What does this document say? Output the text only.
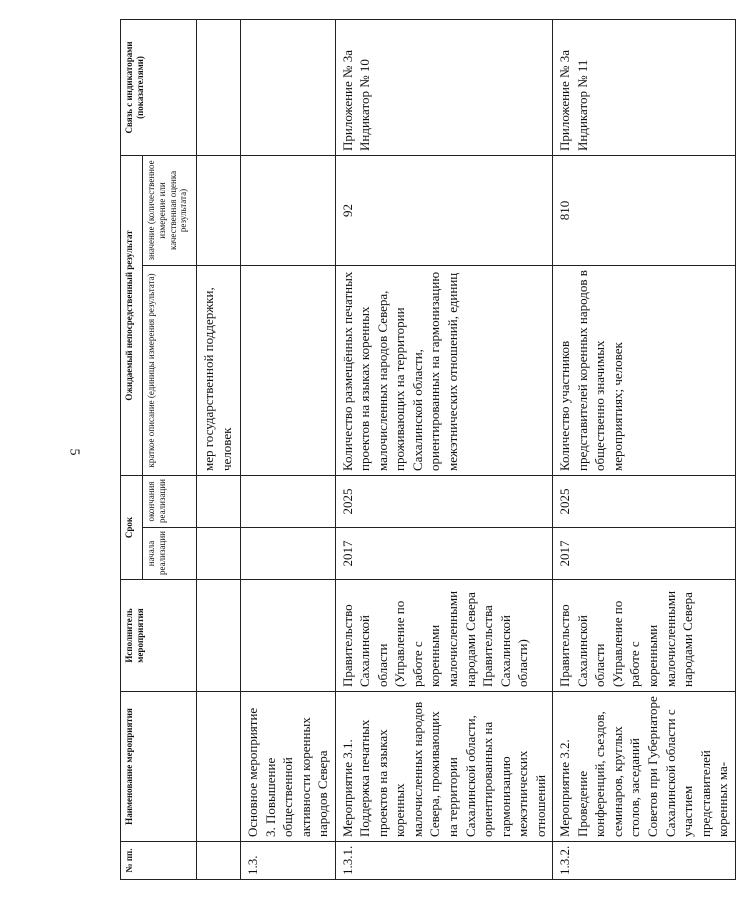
5
№ пп.	Наименование мероприятия	Исполнитель мероприятия	Срок		Ожидаемый непосредственный результат		Связь с индикаторами (показателями)
			начала реализации	окончания реализации	краткое описание (единицы измерения результата)	значение (количественное измерение или качественная оценка результата)	
					мер государственной поддержки, человек		
1.3.	Основное мероприятие 3. Повышение общественной активности коренных народов Севера						
1.3.1.	Мероприятие 3.1. Поддержка печатных проектов на языках коренных малочисленных народов Севера, проживающих на территории Сахалинской области, ориентированных на гармонизацию межэтнических отношений	Правительство Сахалинской области (Управление по работе с коренными малочисленными народами Севера Правительства Сахалинской области)	2017	2025	Количество размещённых печатных проектов на языках коренных малочисленных народов Севера, проживающих на территории Сахалинской области, ориентированных на гармонизацию межэтнических отношений, единиц	92	Приложение № 3а Индикатор № 10
1.3.2.	Мероприятие 3.2. Проведение конференций, съездов, семинаров, круглых столов, заседаний Советов при Губернаторе Сахалинской области с участием представителей коренных ма-	Правительство Сахалинской области (Управление по работе с коренными малочисленными народами Севера	2017	2025	Количество участников представителей коренных народов в общественно значимых мероприятиях; человек	810	Приложение № 3а Индикатор № 11
